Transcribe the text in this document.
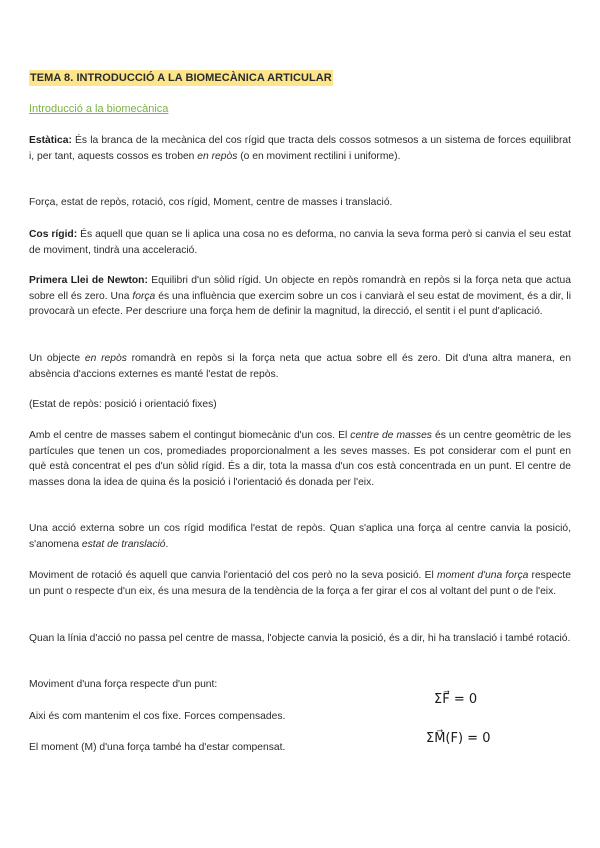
TEMA 8. INTRODUCCIÓ A LA BIOMECÀNICA ARTICULAR
Introducció a la biomecànica

Estàtica: És la branca de la mecànica del cos rígid que tracta dels cossos sotmesos a un sistema de forces equilibrat i, per tant, aquests cossos es troben en repòs (o en moviment rectilini i uniforme).

Força, estat de repòs, rotació, cos rígid, Moment, centre de masses i translació.

Cos rígid: És aquell que quan se li aplica una cosa no es deforma, no canvia la seva forma però si canvia el seu estat de moviment, tindrà una acceleració.

Primera Llei de Newton: Equilibri d'un sòlid rígid. Un objecte en repòs romandrà en repòs si la força neta que actua sobre ell és zero. Una força és una influència que exercim sobre un cos i canviarà el seu estat de moviment, és a dir, li provocarà un efecte. Per descriure una força hem de definir la magnitud, la direcció, el sentit i el punt d'aplicació.

Un objecte en repòs romandrà en repòs si la força neta que actua sobre ell és zero. Dit d'una altra manera, en absència d'accions externes es manté l'estat de repòs.

(Estat de repòs: posició i orientació fixes)

Amb el centre de masses sabem el contingut biomecànic d'un cos. El centre de masses és un centre geomètric de les partícules que tenen un cos, promediades proporcionalment a les seves masses. Es pot considerar com el punt en què està concentrat el pes d'un sòlid rígid. És a dir, tota la massa d'un cos està concentrada en un punt. El centre de masses dona la idea de quina és la posició i l'orientació és donada per l'eix.

Una acció externa sobre un cos rígid modifica l'estat de repòs. Quan s'aplica una força al centre canvia la posició, s'anomena estat de translació.

Moviment de rotació és aquell que canvia l'orientació del cos però no la seva posició. El moment d'una força respecte un punt o respecte d'un eix, és una mesura de la tendència de la força a fer girar el cos al voltant del punt o de l'eix.

Quan la línia d'acció no passa pel centre de massa, l'objecte canvia la posició, és a dir, hi ha translació i també rotació.

Moviment d'una força respecte d'un punt:

Aixi és com mantenim el cos fixe. Forces compensades.

El moment (M) d'una força també ha d'estar compensat.

ΣF⃗ = 0
ΣM⃗(F) = 0
